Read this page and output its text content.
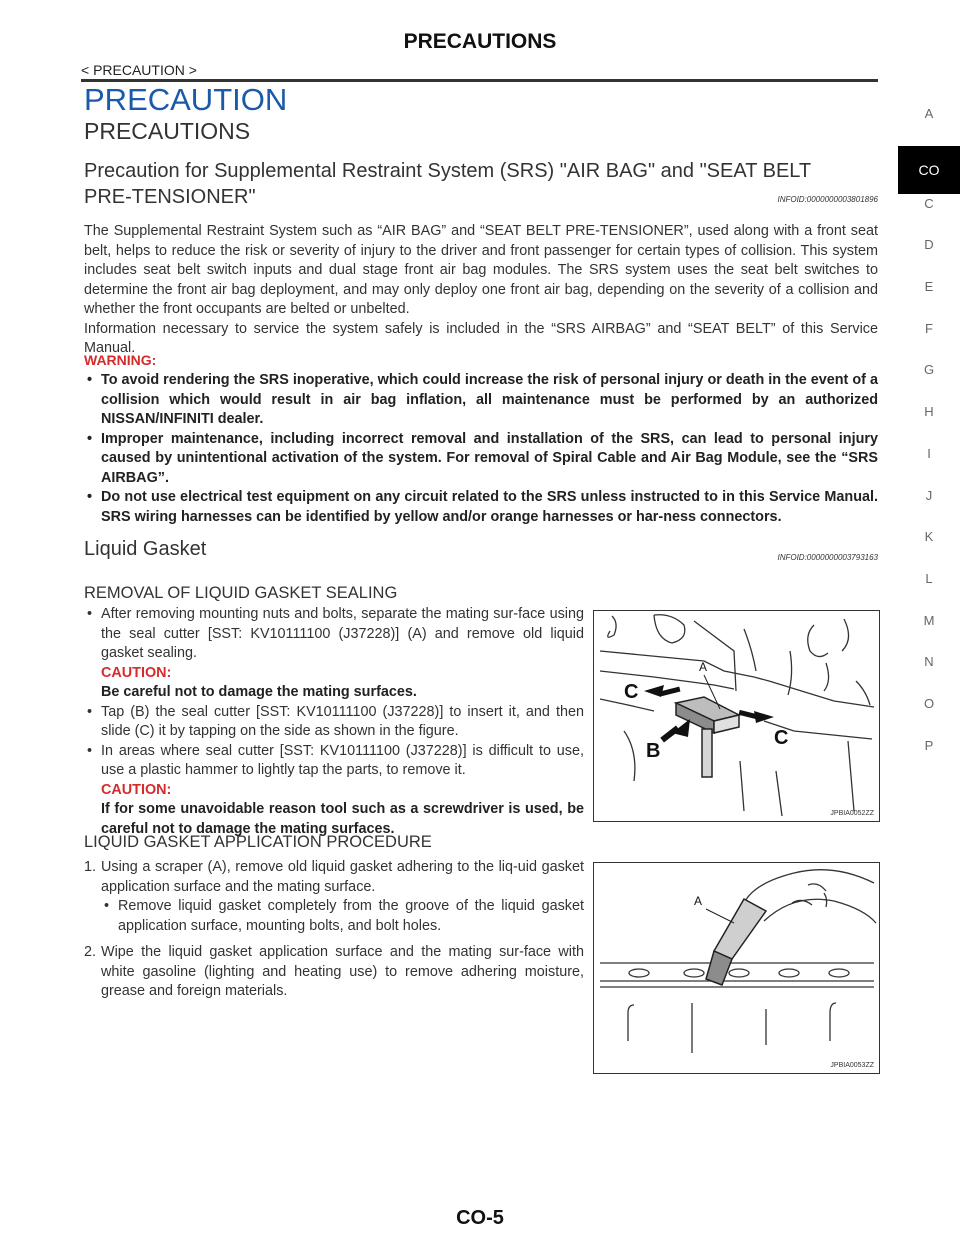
PRECAUTIONS
< PRECAUTION >
PRECAUTION
PRECAUTIONS
Precaution for Supplemental Restraint System (SRS) "AIR BAG" and "SEAT BELT
PRE-TENSIONER"	INFOID:0000000003801896
The Supplemental Restraint System such as “AIR BAG” and “SEAT BELT PRE-TENSIONER”, used along with a front seat belt, helps to reduce the risk or severity of injury to the driver and front passenger for certain types of collision. This system includes seat belt switch inputs and dual stage front air bag modules. The SRS system uses the seat belt switches to determine the front air bag deployment, and may only deploy one front air bag, depending on the severity of a collision and whether the front occupants are belted or unbelted.
Information necessary to service the system safely is included in the “SRS AIRBAG” and “SEAT BELT” of this Service Manual.
WARNING:
• To avoid rendering the SRS inoperative, which could increase the risk of personal injury or death in the event of a collision which would result in air bag inflation, all maintenance must be performed by an authorized NISSAN/INFINITI dealer.
• Improper maintenance, including incorrect removal and installation of the SRS, can lead to personal injury caused by unintentional activation of the system. For removal of Spiral Cable and Air Bag Module, see the “SRS AIRBAG”.
• Do not use electrical test equipment on any circuit related to the SRS unless instructed to in this Service Manual. SRS wiring harnesses can be identified by yellow and/or orange harnesses or har-ness connectors.
Liquid Gasket	INFOID:0000000003793163
REMOVAL OF LIQUID GASKET SEALING
• After removing mounting nuts and bolts, separate the mating sur-face using the seal cutter [SST: KV10111100 (J37228)] (A) and remove old liquid gasket sealing.
CAUTION:
Be careful not to damage the mating surfaces.
• Tap (B) the seal cutter [SST: KV10111100 (J37228)] to insert it, and then slide (C) it by tapping on the side as shown in the figure.
• In areas where seal cutter [SST: KV10111100 (J37228)] is difficult to use, use a plastic hammer to lightly tap the parts, to remove it.
CAUTION:
If for some unavoidable reason tool such as a screwdriver is used, be careful not to damage the mating surfaces.
A
C
C
B
JPBIA0052ZZ
LIQUID GASKET APPLICATION PROCEDURE
1. Using a scraper (A), remove old liquid gasket adhering to the liq-uid gasket application surface and the mating surface.
• Remove liquid gasket completely from the groove of the liquid gasket application surface, mounting bolts, and bolt holes.
2. Wipe the liquid gasket application surface and the mating sur-face with white gasoline (lighting and heating use) to remove adhering moisture, grease and foreign materials.
A
JPBIA0053ZZ
A
CO
C
D
E
F
G
H
I
J
K
L
M
N
O
P
CO-5
